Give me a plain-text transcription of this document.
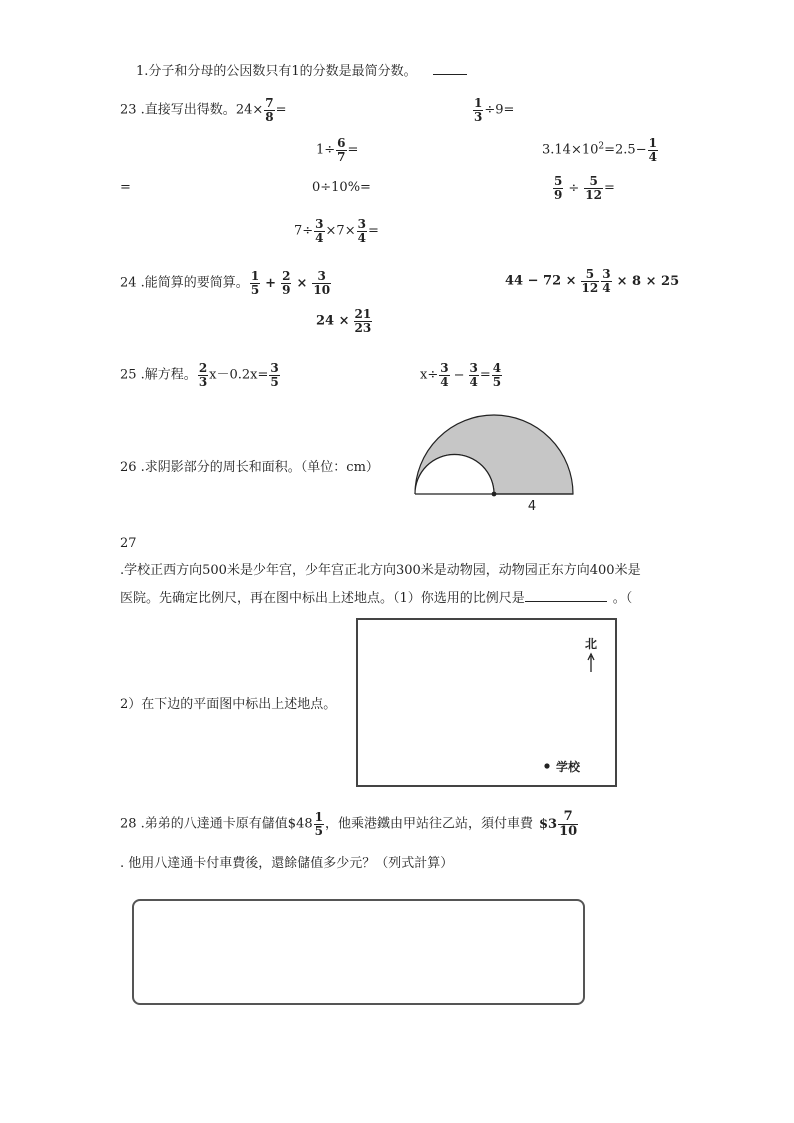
1.分子和分母的公因数只有1的分数是最简分数。
23 .直接写出得数。$24\times \frac{7}{8}$ =	$\frac{1}{3} \div 9=$
$1\div \frac{6}{7}$ =	$3.14\times 10^2=2.5- \frac{1}{4}$
=	0÷10%=	$\frac{5}{9} \div \frac{5}{12}$ =
$7\div \frac{3}{4} \times 7\times \frac{3}{4}$ =
24 .能简算的要简算。 $\frac{1}{5} + \frac{2}{9} \times \frac{3}{10}$	$44 - 72 \times \frac{5}{12} \frac{3}{4} \times 8 \times 25$
$24 \times \frac{21}{23}$
25 .解方程。 $\frac{2}{3} x-0.2x= \frac{3}{5}$	$x\div \frac{3}{4} - \frac{3}{4} = \frac{4}{5}$
26 .求阴影部分的周长和面积。（单位：cm）
4
27
.学校正西方向500米是少年宫，少年宫正北方向300米是动物园，动物园正东方向400米是
医院。先确定比例尺，再在图中标出上述地点。（1）你选用的比例尺是	。（
2）在下边的平面图中标出上述地点。
北
学校
28 .弟弟的八達通卡原有儲值$48 $\frac{1}{5}$ ，他乘港鐵由甲站往乙站，須付車費 $3 $\frac{7}{10}$
. 他用八達通卡付車費後，還餘儲值多少元？（列式計算）
